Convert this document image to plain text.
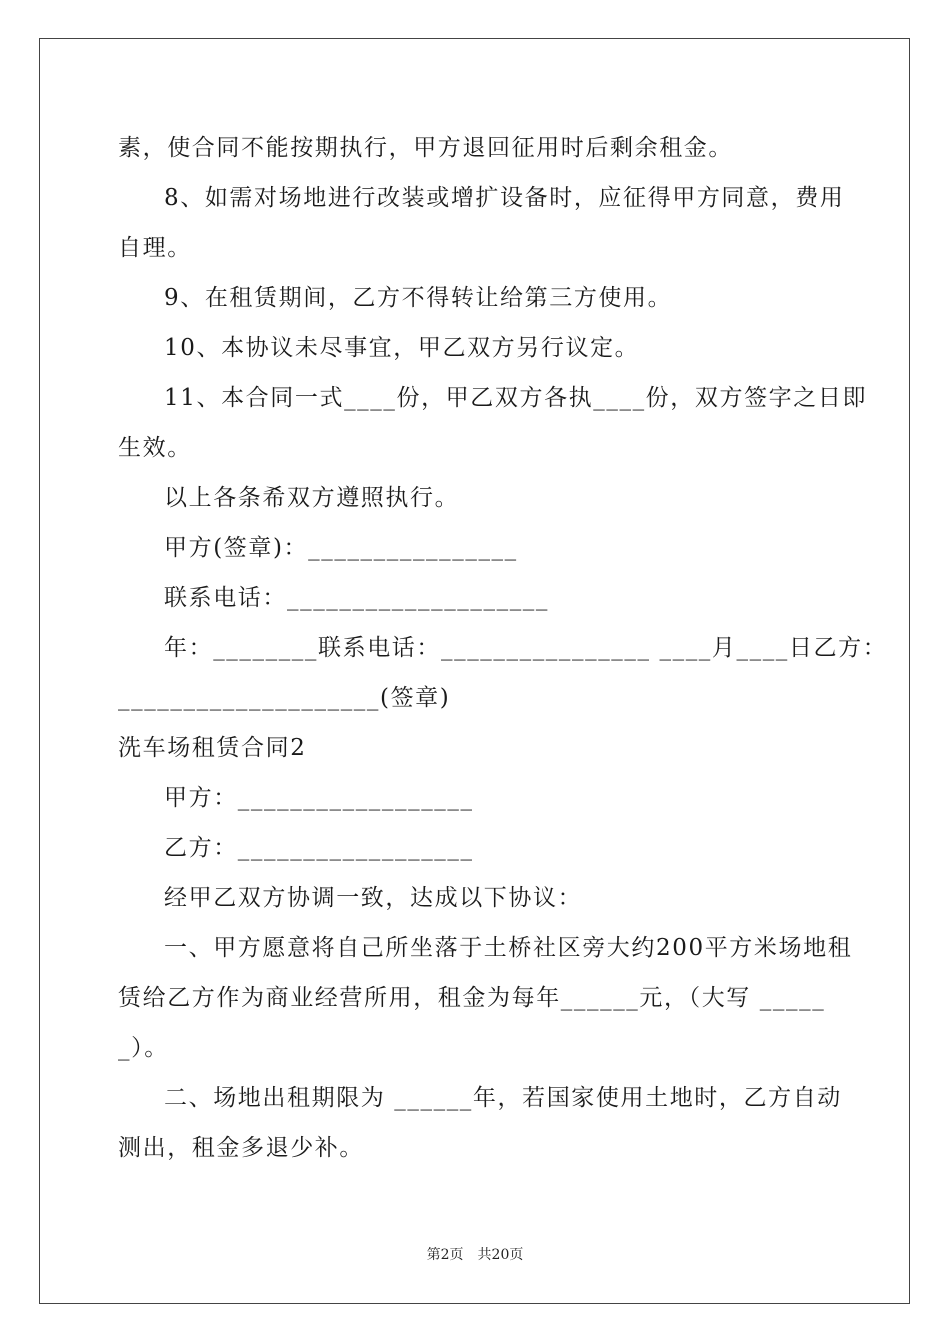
素，使合同不能按期执行，甲方退回征用时后剩余租金。
8、如需对场地进行改装或增扩设备时，应征得甲方同意，费用
自理。
9、在租赁期间，乙方不得转让给第三方使用。
10、本协议未尽事宜，甲乙双方另行议定。
11、本合同一式____份，甲乙双方各执____份，双方签字之日即
生效。
以上各条希双方遵照执行。
甲方(签章)：________________
联系电话：____________________
年：________联系电话：________________ ____月____日乙方：
____________________(签章)
洗车场租赁合同2
甲方：__________________
乙方：__________________
经甲乙双方协调一致，达成以下协议：
一、甲方愿意将自己所坐落于土桥社区旁大约200平方米场地租
赁给乙方作为商业经营所用，租金为每年______元，（大写 _____
_）。
二、场地出租期限为 ______年，若国家使用土地时，乙方自动
测出，租金多退少补。
第2页　共20页
